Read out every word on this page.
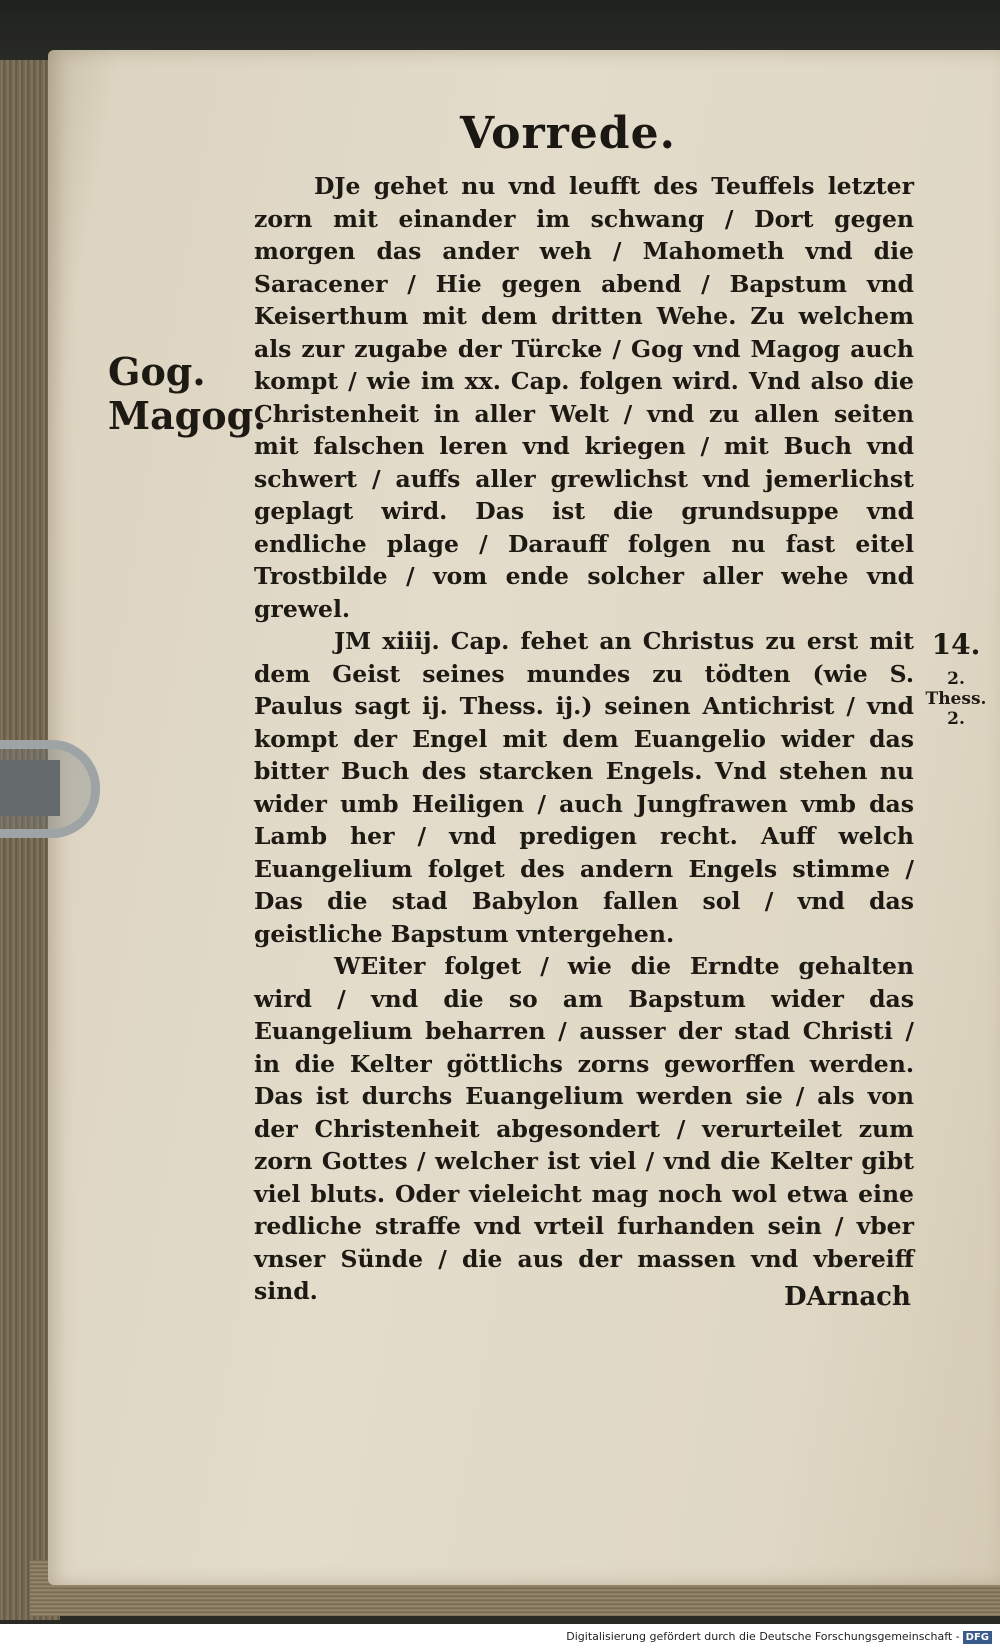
Vorrede.
Gog.
Magog.

DJe gehet nu vnd leufft des Teuffels letzter zorn mit einander im schwang / Dort gegen morgen das ander weh / Mahometh vnd die Saracener / Hie gegen abend / Bapstum vnd Keiserthum mit dem dritten Wehe. Zu welchem als zur zugabe der Türcke / Gog vnd Magog auch kompt / wie im xx. Cap. folgen wird. Vnd also die Christenheit in aller Welt / vnd zu allen seiten mit falschen leren vnd kriegen / mit Buch vnd schwert / auffs aller grewlichst vnd jemerlichst geplagt wird. Das ist die grundsuppe vnd endliche plage / Darauff folgen nu fast eitel Trostbilde / vom ende solcher aller wehe vnd grewel.

JM xiiij. Cap. fehet an Christus zu erst mit dem Geist seines mundes zu tödten (wie S. Paulus sagt ij. Thess. ij.) seinen Antichrist / vnd kompt der Engel mit dem Euangelio wider das bitter Buch des starcken Engels. Vnd stehen nu wider umb Heiligen / auch Jungfrawen vmb das Lamb her / vnd predigen recht. Auff welch Euangelium folget des andern Engels stimme / Das die stad Babylon fallen sol / vnd das geistliche Bapstum vntergehen.

WEiter folget / wie die Erndte gehalten wird / vnd die so am Bapstum wider das Euangelium beharren / ausser der stad Christi / in die Kelter göttlichs zorns geworffen werden. Das ist durchs Euangelium werden sie / als von der Christenheit abgesondert / verurteilet zum zorn Gottes / welcher ist viel / vnd die Kelter gibt viel bluts. Oder vieleicht mag noch wol etwa eine redliche straffe vnd vrteil furhanden sein / vber vnser Sünde / die aus der massen vnd vbereiff sind.

14.
2. Thess. 2.
DArnach
Digitalisierung gefördert durch die Deutsche Forschungsgemeinschaft - DFG
